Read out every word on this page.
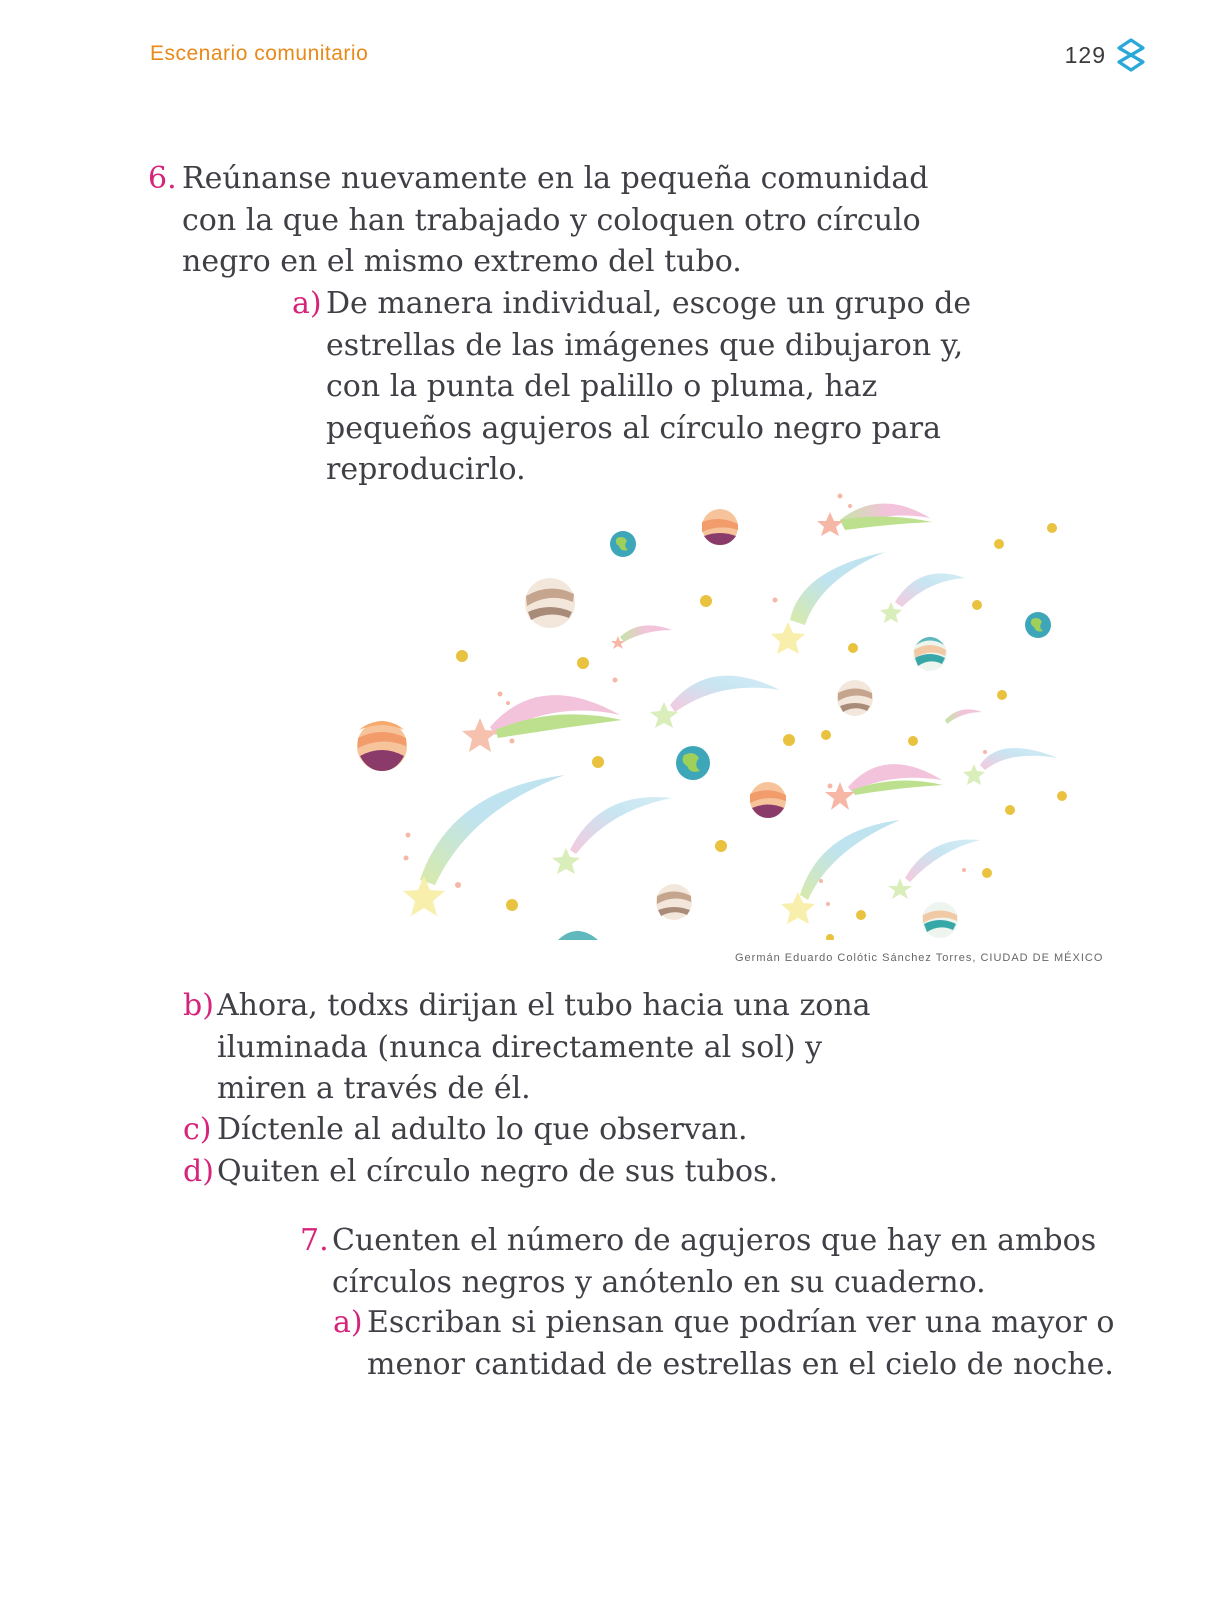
Escenario comunitario	129
6. Reúnanse nuevamente en la pequeña comunidad con la que han trabajado y coloquen otro círculo negro en el mismo extremo del tubo.

a) De manera individual, escoge un grupo de estrellas de las imágenes que dibujaron y, con la punta del palillo o pluma, haz pequeños agujeros al círculo negro para reproducirlo.

Germán Eduardo Colótic Sánchez Torres, CIUDAD DE MÉXICO
b) Ahora, todxs dirijan el tubo hacia una zona iluminada (nunca directamente al sol) y miren a través de él.

c) Díctenle al adulto lo que observan.

d) Quiten el círculo negro de sus tubos.

7. Cuenten el número de agujeros que hay en ambos círculos negros y anótenlo en su cuaderno.

a) Escriban si piensan que podrían ver una mayor o menor cantidad de estrellas en el cielo de noche.
